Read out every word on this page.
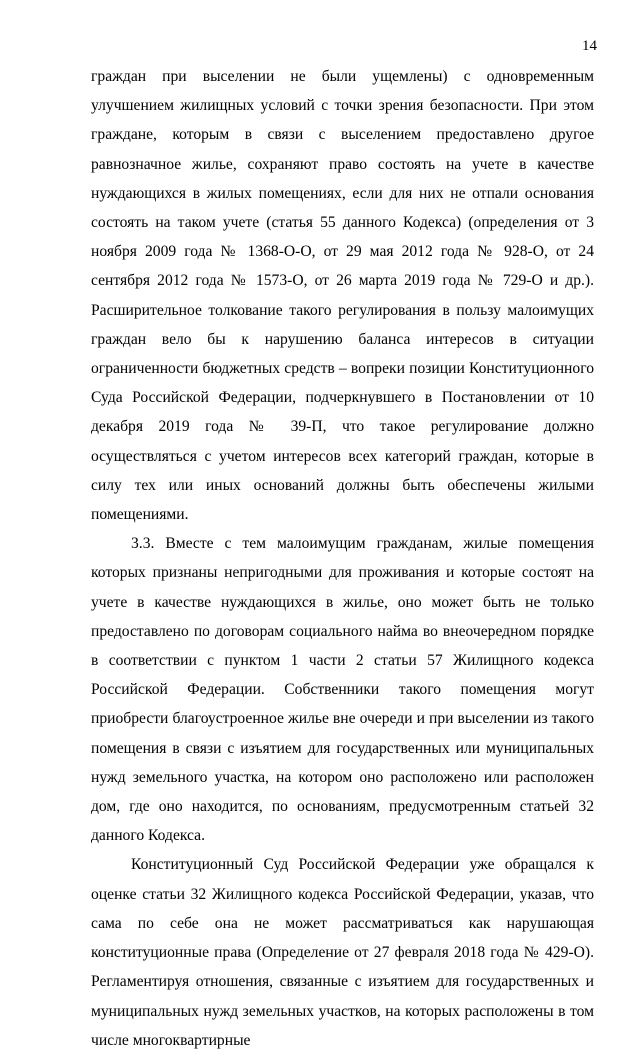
14

граждан при выселении не были ущемлены) с одновременным улучшением жилищных условий с точки зрения безопасности. При этом граждане, которым в связи с выселением предоставлено другое равнозначное жилье, сохраняют право состоять на учете в качестве нуждающихся в жилых помещениях, если для них не отпали основания состоять на таком учете (статья 55 данного Кодекса) (определения от 3 ноября 2009 года № 1368-О-О, от 29 мая 2012 года № 928-О, от 24 сентября 2012 года № 1573-О, от 26 марта 2019 года № 729-О и др.). Расширительное толкование такого регулирования в пользу малоимущих граждан вело бы к нарушению баланса интересов в ситуации ограниченности бюджетных средств – вопреки позиции Конституционного Суда Российской Федерации, подчеркнувшего в Постановлении от 10 декабря 2019 года № 39-П, что такое регулирование должно осуществляться с учетом интересов всех категорий граждан, которые в силу тех или иных оснований должны быть обеспечены жилыми помещениями.

3.3. Вместе с тем малоимущим гражданам, жилые помещения которых признаны непригодными для проживания и которые состоят на учете в качестве нуждающихся в жилье, оно может быть не только предоставлено по договорам социального найма во внеочередном порядке в соответствии с пунктом 1 части 2 статьи 57 Жилищного кодекса Российской Федерации. Собственники такого помещения могут приобрести благоустроенное жилье вне очереди и при выселении из такого помещения в связи с изъятием для государственных или муниципальных нужд земельного участка, на котором оно расположено или расположен дом, где оно находится, по основаниям, предусмотренным статьей 32 данного Кодекса.

Конституционный Суд Российской Федерации уже обращался к оценке статьи 32 Жилищного кодекса Российской Федерации, указав, что сама по себе она не может рассматриваться как нарушающая конституционные права (Определение от 27 февраля 2018 года № 429-О). Регламентируя отношения, связанные с изъятием для государственных и муниципальных нужд земельных участков, на которых расположены в том числе многоквартирные
